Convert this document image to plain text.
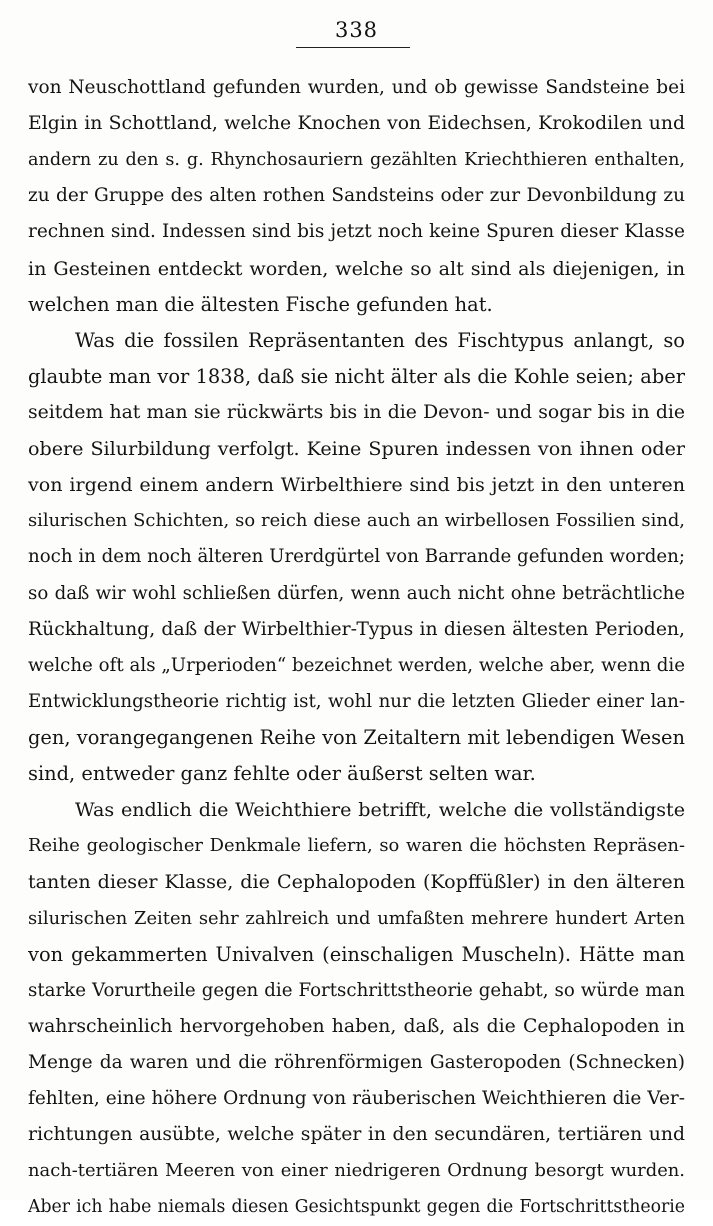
338
von Neuschottland gefunden wurden, und ob gewisse Sandsteine bei
Elgin in Schottland, welche Knochen von Eidechsen, Krokodilen und
andern zu den s. g. Rhynchosauriern gezählten Kriechthieren enthalten,
zu der Gruppe des alten rothen Sandsteins oder zur Devonbildung zu
rechnen sind. Indessen sind bis jetzt noch keine Spuren dieser Klasse
in Gesteinen entdeckt worden, welche so alt sind als diejenigen, in
welchen man die ältesten Fische gefunden hat.
Was die fossilen Repräsentanten des Fischtypus anlangt, so
glaubte man vor 1838, daß sie nicht älter als die Kohle seien; aber
seitdem hat man sie rückwärts bis in die Devon- und sogar bis in die
obere Silurbildung verfolgt. Keine Spuren indessen von ihnen oder
von irgend einem andern Wirbelthiere sind bis jetzt in den unteren
silurischen Schichten, so reich diese auch an wirbellosen Fossilien sind,
noch in dem noch älteren Urerdgürtel von Barrande gefunden worden;
so daß wir wohl schließen dürfen, wenn auch nicht ohne beträchtliche
Rückhaltung, daß der Wirbelthier-Typus in diesen ältesten Perioden,
welche oft als „Urperioden“ bezeichnet werden, welche aber, wenn die
Entwicklungstheorie richtig ist, wohl nur die letzten Glieder einer lan-
gen, vorangegangenen Reihe von Zeitaltern mit lebendigen Wesen
sind, entweder ganz fehlte oder äußerst selten war.
Was endlich die Weichthiere betrifft, welche die vollständigste
Reihe geologischer Denkmale liefern, so waren die höchsten Repräsen-
tanten dieser Klasse, die Cephalopoden (Kopffüßler) in den älteren
silurischen Zeiten sehr zahlreich und umfaßten mehrere hundert Arten
von gekammerten Univalven (einschaligen Muscheln). Hätte man
starke Vorurtheile gegen die Fortschrittstheorie gehabt, so würde man
wahrscheinlich hervorgehoben haben, daß, als die Cephalopoden in
Menge da waren und die röhrenförmigen Gasteropoden (Schnecken)
fehlten, eine höhere Ordnung von räuberischen Weichthieren die Ver-
richtungen ausübte, welche später in den secundären, tertiären und
nach-tertiären Meeren von einer niedrigeren Ordnung besorgt wurden.
Aber ich habe niemals diesen Gesichtspunkt gegen die Fortschrittstheorie
